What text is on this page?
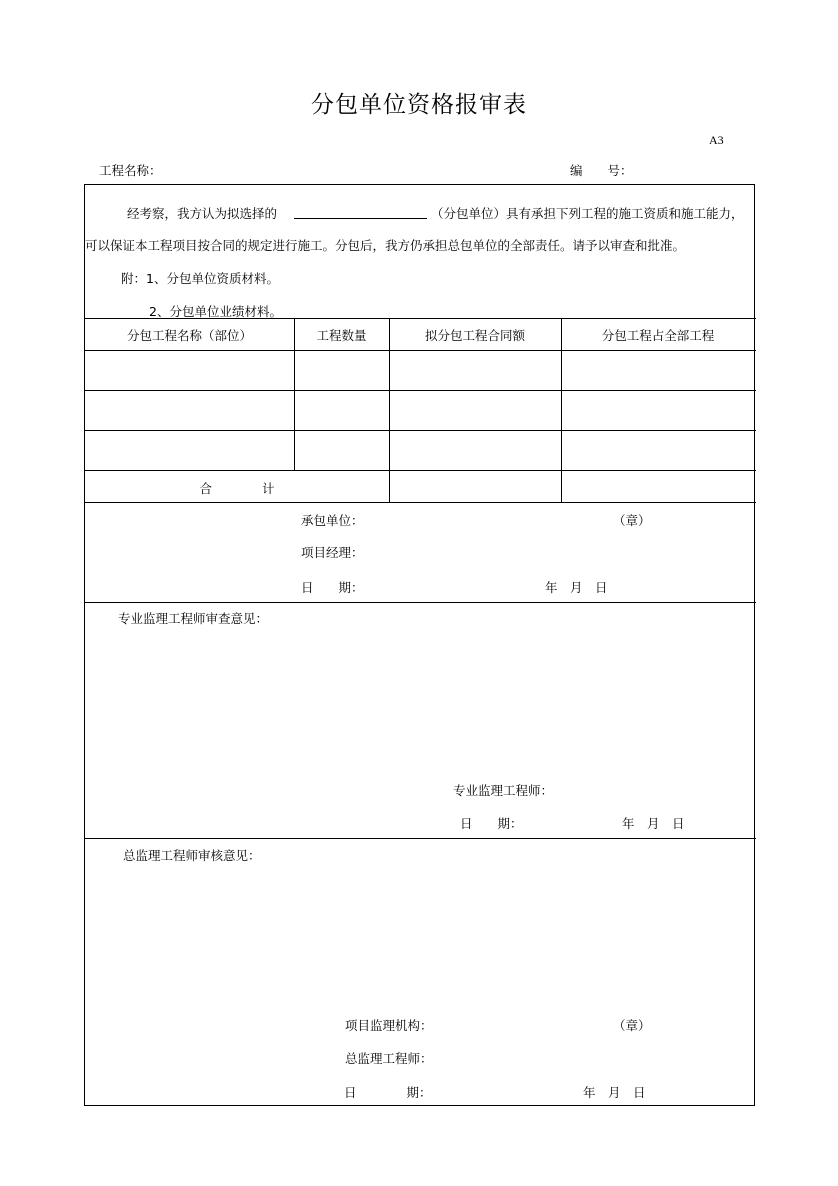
分包单位资格报审表
A3
工程名称：	编　　号：
经考察，我方认为拟选择的	（分包单位）具有承担下列工程的施工资质和施工能力，
可以保证本工程项目按合同的规定进行施工。分包后，我方仍承担总包单位的全部责任。请予以审查和批准。
附：1、分包单位资质材料。
2、分包单位业绩材料。
分包工程名称（部位）	工程数量	拟分包工程合同额	分包工程占全部工程
合　　　　计
承包单位：	（章）
项目经理：
日　　期：	年　月　日
专业监理工程师审查意见：
专业监理工程师：
日　　期：	年　月　日
总监理工程师审核意见：
项目监理机构：	（章）
总监理工程师：
日　　　　期：	年　月　日
